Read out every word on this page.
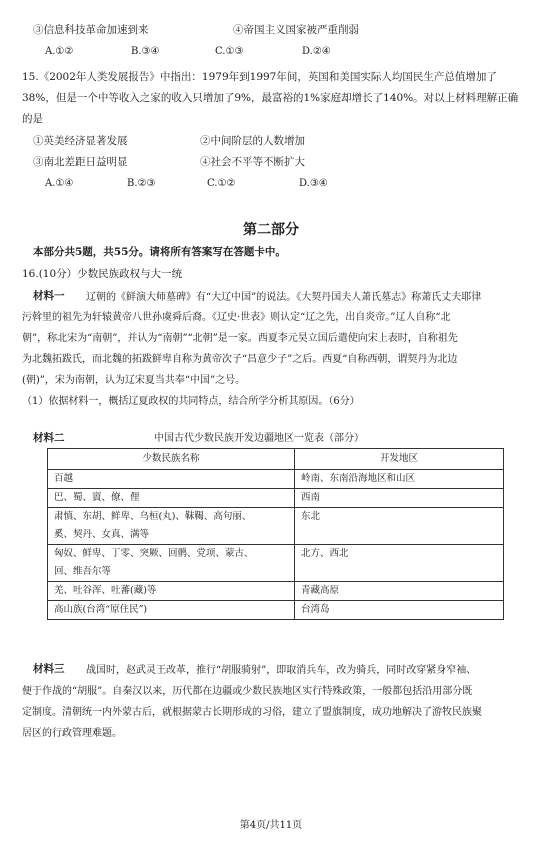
③信息科技革命加速到来	④帝国主义国家被严重削弱
A.①②	B.③④	C.①③	D.②④
15.《2002年人类发展报告》中指出：1979年到1997年间，英国和美国实际人均国民生产总值增加了
38%，但是一个中等收入之家的收入只增加了9%，最富裕的1%家庭却增长了140%。对以上材料理解正确
的是
①英美经济显著发展	②中间阶层的人数增加
③南北差距日益明显	④社会不平等不断扩大
A.①④	B.②③	C.①②	D.③④
第二部分
本部分共5题，共55分。请将所有答案写在答题卡中。
16.(10分）少数民族政权与大一统
材料一 辽朝的《鲜演大师墓碑》有“大辽中国”的说法。《大契丹国夫人萧氏墓志》称萧氏丈夫耶律
污斡里的祖先为轩辕黄帝八世孙虞舜后裔。《辽史·世表》则认定“辽之先，出自炎帝。”辽人自称“北
朝”，称北宋为“南朝”，并认为“南朝”“北朝”是一家。西夏李元昊立国后遣使向宋上表时，自称祖先
为北魏拓跋氏，而北魏的拓跋鲜卑自称为黄帝次子“昌意少子”之后。西夏“自称西朝，谓契丹为北边
(朝)”，宋为南朝，认为辽宋夏当共奉“中国”之号。
（1）依据材料一，概括辽夏政权的共同特点，结合所学分析其原因。（6分）
材料二	中国古代少数民族开发边疆地区一览表（部分）
少数民族名称	开发地区
百越	岭南、东南沿海地区和山区
巴、蜀、賨、僚、俚	西南

肃慎、东胡、鲜卑、乌桓(丸)、靺鞨、高句丽、
奚、契丹、女真、满等	东北

匈奴、鲜卑、丁零、突厥、回鹘、党项、蒙古、
回、维吾尔等	北方、西北
羌、吐谷浑、吐蕃(藏)等	青藏高原
高山族(台湾“原住民”)	台湾岛
材料三 战国时，赵武灵王改革，推行“胡服骑射”，即取消兵车，改为骑兵，同时改穿紧身窄袖、
便于作战的“胡服”。自秦汉以来，历代都在边疆或少数民族地区实行特殊政策，一般都包括沿用部分既
定制度。清朝统一内外蒙古后，就根据蒙古长期形成的习俗，建立了盟旗制度，成功地解决了游牧民族聚
居区的行政管理难题。
第4页/共11页
